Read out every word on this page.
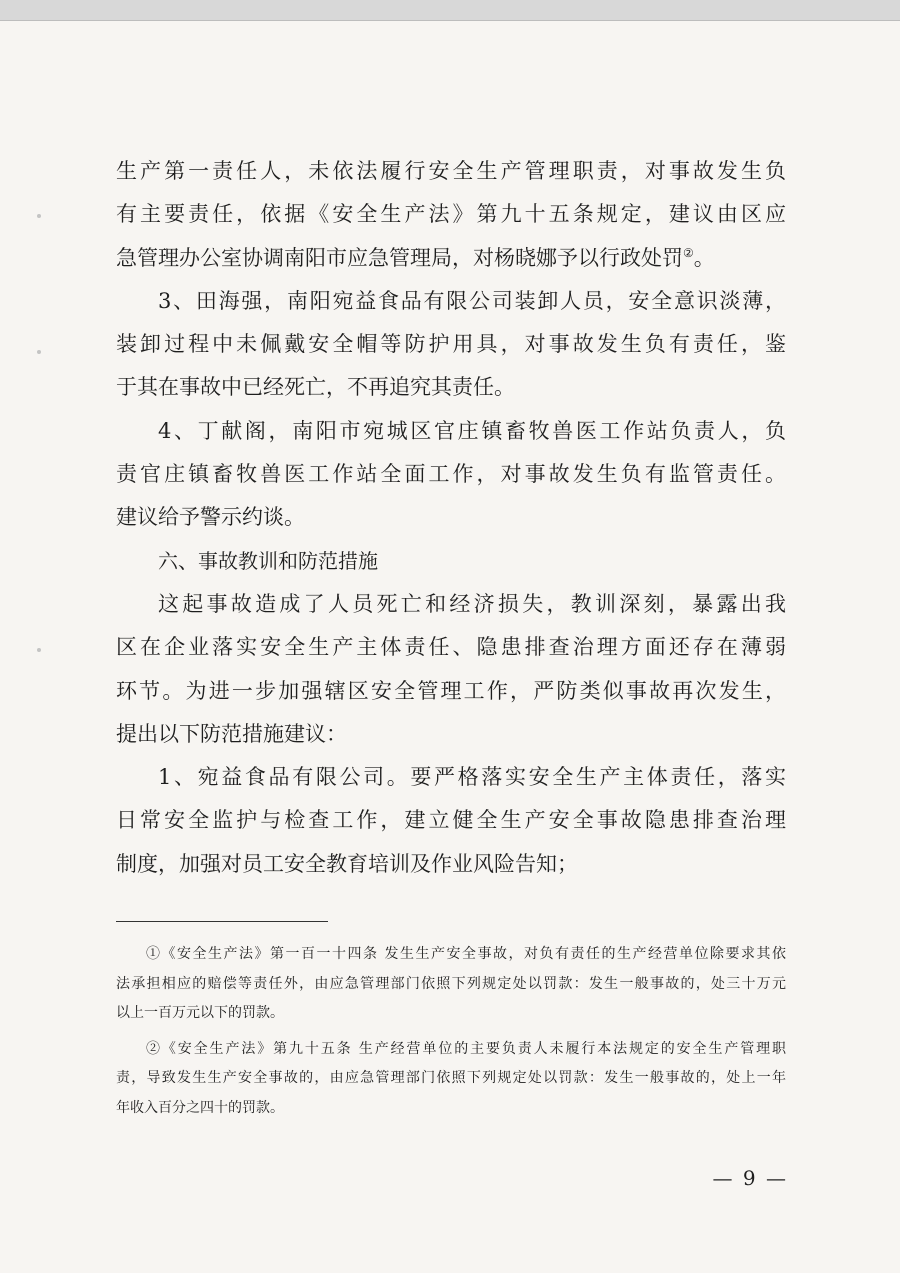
生产第一责任人，未依法履行安全生产管理职责，对事故发生负
有主要责任，依据《安全生产法》第九十五条规定，建议由区应
急管理办公室协调南阳市应急管理局，对杨晓娜予以行政处罚②。
3、田海强，南阳宛益食品有限公司装卸人员，安全意识淡薄，
装卸过程中未佩戴安全帽等防护用具，对事故发生负有责任，鉴
于其在事故中已经死亡，不再追究其责任。
4、丁献阁，南阳市宛城区官庄镇畜牧兽医工作站负责人，负
责官庄镇畜牧兽医工作站全面工作，对事故发生负有监管责任。
建议给予警示约谈。
六、事故教训和防范措施
这起事故造成了人员死亡和经济损失，教训深刻，暴露出我
区在企业落实安全生产主体责任、隐患排查治理方面还存在薄弱
环节。为进一步加强辖区安全管理工作，严防类似事故再次发生，
提出以下防范措施建议：
1、宛益食品有限公司。要严格落实安全生产主体责任，落实
日常安全监护与检查工作，建立健全生产安全事故隐患排查治理
制度，加强对员工安全教育培训及作业风险告知；
①《安全生产法》第一百一十四条 发生生产安全事故，对负有责任的生产经营单位除要求其依
法承担相应的赔偿等责任外，由应急管理部门依照下列规定处以罚款：发生一般事故的，处三十万元
以上一百万元以下的罚款。
②《安全生产法》第九十五条 生产经营单位的主要负责人未履行本法规定的安全生产管理职
责，导致发生生产安全事故的，由应急管理部门依照下列规定处以罚款：发生一般事故的，处上一年
年收入百分之四十的罚款。
— 9 —
